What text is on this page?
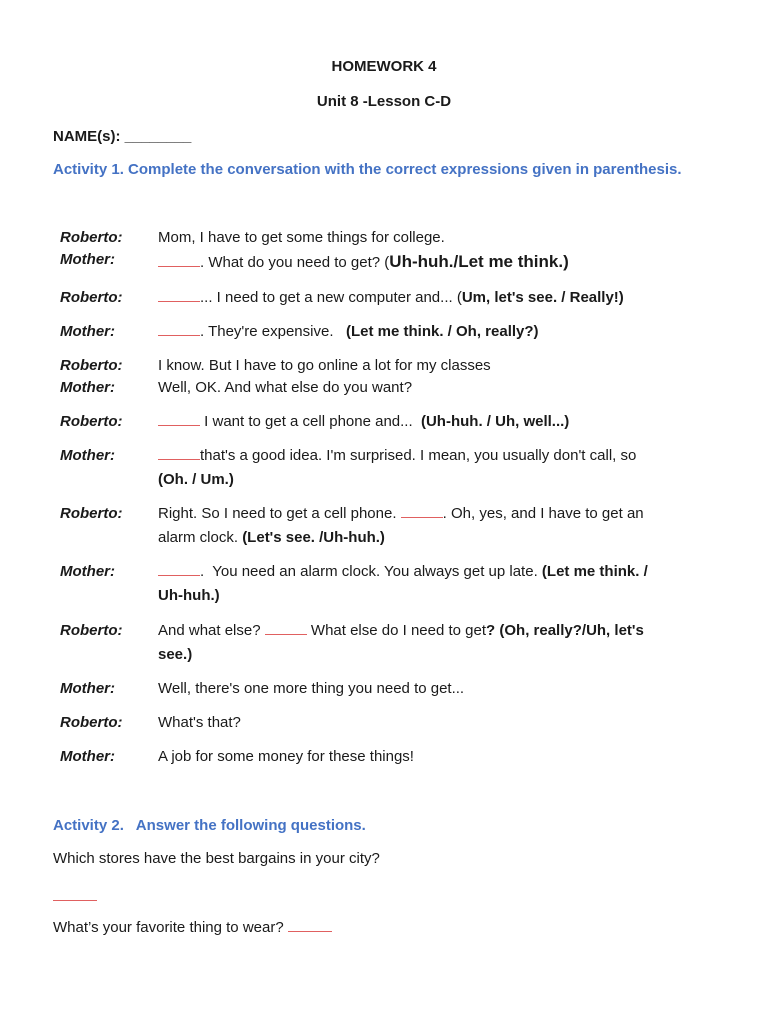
HOMEWORK 4
Unit 8 -Lesson C-D
NAME(s): ________
Activity 1. Complete the conversation with the correct expressions given in parenthesis.
Roberto: Mom, I have to get some things for college.
Mother:	. What do you need to get? (Uh-huh./Let me think.)
Roberto:	... I need to get a new computer and... (Um, let's see. / Really!)
Mother:	. They're expensive.   (Let me think. / Oh, really?)
Roberto: I know. But I have to go online a lot for my classes
Mother:	Well, OK. And what else do you want?
Roberto:	I want to get a cell phone and...  (Uh-huh. / Uh, well...)
Mother:	that's a good idea. I'm surprised. I mean, you usually don't call, so
(Oh. / Um.)
Roberto: Right. So I need to get a cell phone.	. Oh, yes, and I have to get an
alarm clock. (Let's see. /Uh-huh.)
Mother:	.  You need an alarm clock. You always get up late. (Let me think. /
Uh-huh.)
Roberto: And what else?	What else do I need to get? (Oh, really?/Uh, let's
see.)
Mother:	Well, there's one more thing you need to get...
Roberto: What's that?
Mother:	A job for some money for these things!
Activity 2.   Answer the following questions.
Which stores have the best bargains in your city?
What’s your favorite thing to wear?
